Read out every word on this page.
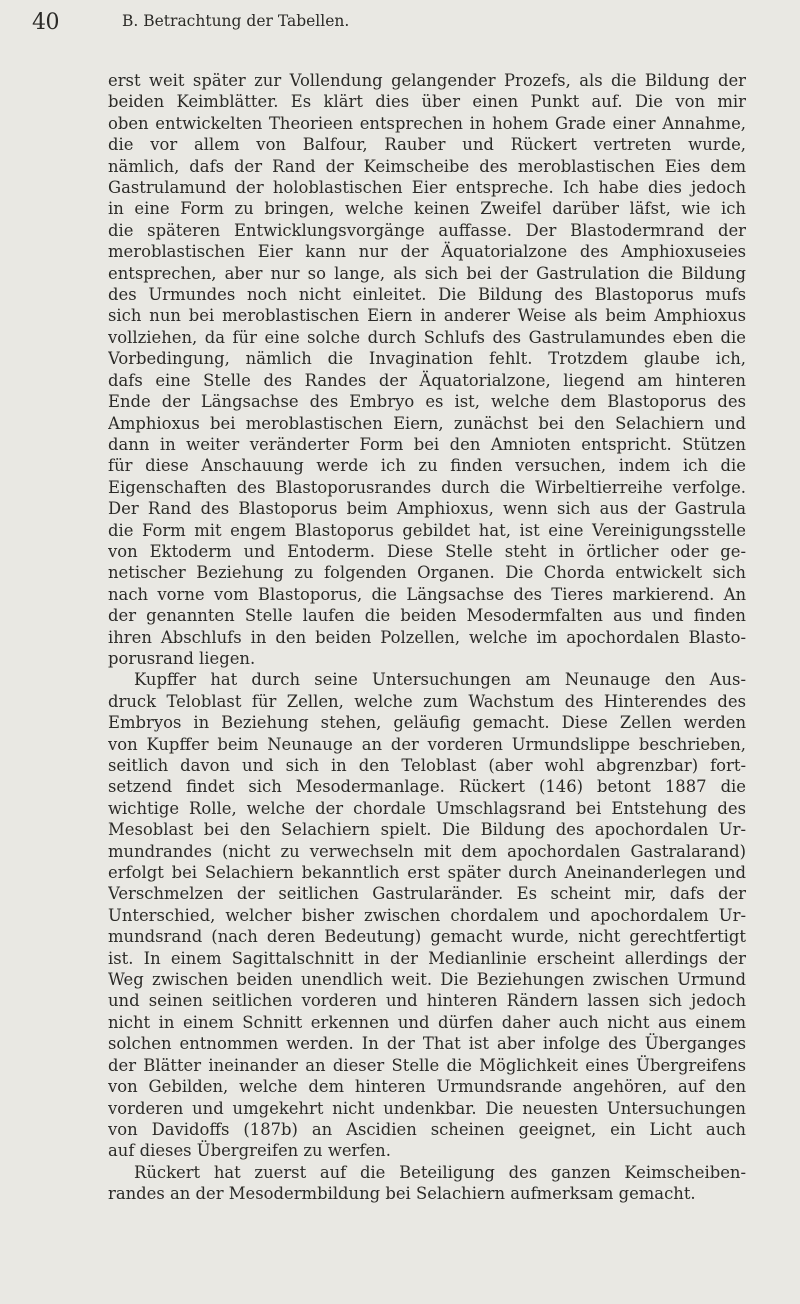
40	B. Betrachtung der Tabellen.

erst weit später zur Vollendung gelangender Prozefs, als die Bildung der
beiden Keimblätter. Es klärt dies über einen Punkt auf. Die von mir
oben entwickelten Theorieen entsprechen in hohem Grade einer Annahme,
die vor allem von Balfour, Rauber und Rückert vertreten wurde,
nämlich, dafs der Rand der Keimscheibe des meroblastischen Eies dem
Gastrulamund der holoblastischen Eier entspreche. Ich habe dies jedoch
in eine Form zu bringen, welche keinen Zweifel darüber läfst, wie ich
die späteren Entwicklungsvorgänge auffasse. Der Blastodermrand der
meroblastischen Eier kann nur der Äquatorialzone des Amphioxuseies
entsprechen, aber nur so lange, als sich bei der Gastrulation die Bildung
des Urmundes noch nicht einleitet. Die Bildung des Blastoporus mufs
sich nun bei meroblastischen Eiern in anderer Weise als beim Amphioxus
vollziehen, da für eine solche durch Schlufs des Gastrulamundes eben die
Vorbedingung, nämlich die Invagination fehlt. Trotzdem glaube ich,
dafs eine Stelle des Randes der Äquatorialzone, liegend am hinteren
Ende der Längsachse des Embryo es ist, welche dem Blastoporus des
Amphioxus bei meroblastischen Eiern, zunächst bei den Selachiern und
dann in weiter veränderter Form bei den Amnioten entspricht. Stützen
für diese Anschauung werde ich zu finden versuchen, indem ich die
Eigenschaften des Blastoporusrandes durch die Wirbeltierreihe verfolge.
Der Rand des Blastoporus beim Amphioxus, wenn sich aus der Gastrula
die Form mit engem Blastoporus gebildet hat, ist eine Vereinigungsstelle
von Ektoderm und Entoderm. Diese Stelle steht in örtlicher oder ge-
netischer Beziehung zu folgenden Organen. Die Chorda entwickelt sich
nach vorne vom Blastoporus, die Längsachse des Tieres markierend. An
der genannten Stelle laufen die beiden Mesodermfalten aus und finden
ihren Abschlufs in den beiden Polzellen, welche im apochordalen Blasto-
porusrand liegen.

Kupffer hat durch seine Untersuchungen am Neunauge den Aus-
druck Teloblast für Zellen, welche zum Wachstum des Hinterendes des
Embryos in Beziehung stehen, geläufig gemacht. Diese Zellen werden
von Kupffer beim Neunauge an der vorderen Urmundslippe beschrieben,
seitlich davon und sich in den Teloblast (aber wohl abgrenzbar) fort-
setzend findet sich Mesodermanlage. Rückert (146) betont 1887 die
wichtige Rolle, welche der chordale Umschlagsrand bei Entstehung des
Mesoblast bei den Selachiern spielt. Die Bildung des apochordalen Ur-
mundrandes (nicht zu verwechseln mit dem apochordalen Gastralarand)
erfolgt bei Selachiern bekanntlich erst später durch Aneinanderlegen und
Verschmelzen der seitlichen Gastrularänder. Es scheint mir, dafs der
Unterschied, welcher bisher zwischen chordalem und apochordalem Ur-
mundsrand (nach deren Bedeutung) gemacht wurde, nicht gerechtfertigt
ist. In einem Sagittalschnitt in der Medianlinie erscheint allerdings der
Weg zwischen beiden unendlich weit. Die Beziehungen zwischen Urmund
und seinen seitlichen vorderen und hinteren Rändern lassen sich jedoch
nicht in einem Schnitt erkennen und dürfen daher auch nicht aus einem
solchen entnommen werden. In der That ist aber infolge des Überganges
der Blätter ineinander an dieser Stelle die Möglichkeit eines Übergreifens
von Gebilden, welche dem hinteren Urmundsrande angehören, auf den
vorderen und umgekehrt nicht undenkbar. Die neuesten Untersuchungen
von Davidoffs (187b) an Ascidien scheinen geeignet, ein Licht auch
auf dieses Übergreifen zu werfen.

Rückert hat zuerst auf die Beteiligung des ganzen Keimscheiben-
randes an der Mesodermbildung bei Selachiern aufmerksam gemacht.
